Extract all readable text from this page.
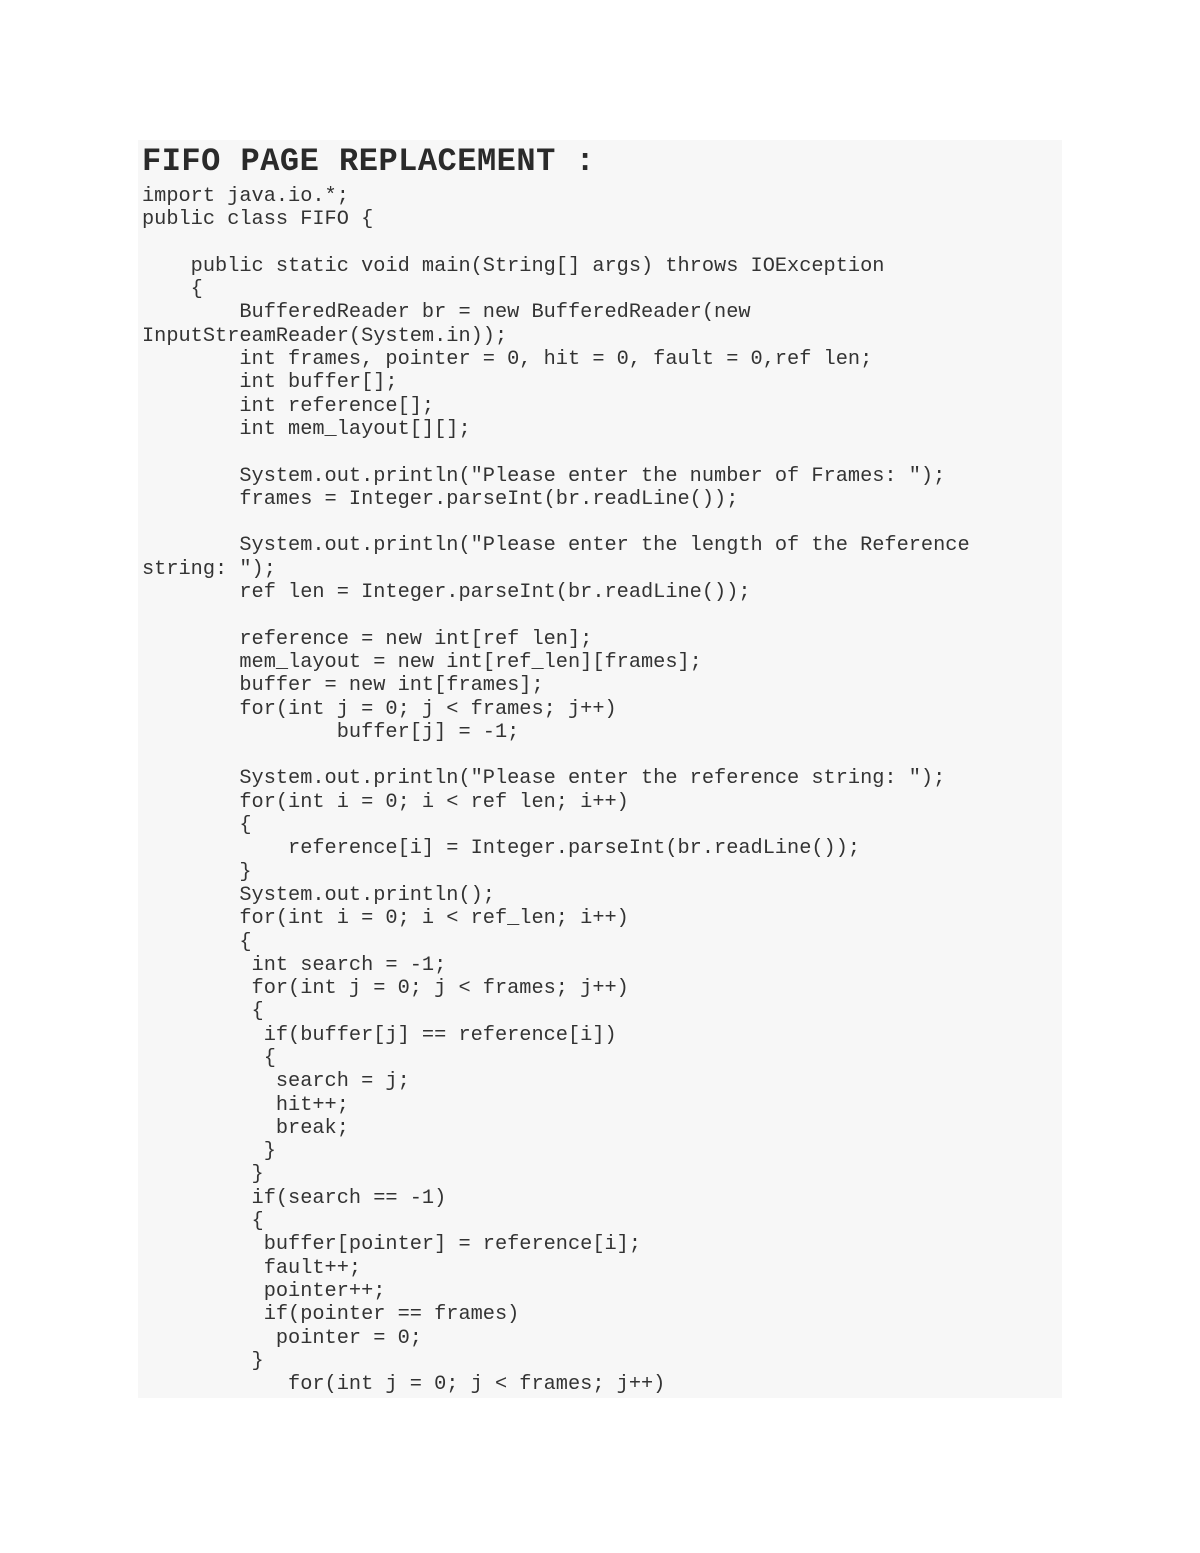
FIFO PAGE REPLACEMENT :
import java.io.*;
public class FIFO {
public static void main(String[] args) throws IOException
{
BufferedReader br = new BufferedReader(new
InputStreamReader(System.in));
int frames, pointer = 0, hit = 0, fault = 0,ref len;
int buffer[];
int reference[];
int mem_layout[][];
System.out.println("Please enter the number of Frames: ");
frames = Integer.parseInt(br.readLine());
System.out.println("Please enter the length of the Reference
string: ");
ref len = Integer.parseInt(br.readLine());
reference = new int[ref len];
mem_layout = new int[ref_len][frames];
buffer = new int[frames];
for(int j = 0; j < frames; j++)
buffer[j] = -1;
System.out.println("Please enter the reference string: ");
for(int i = 0; i < ref len; i++)
{
reference[i] = Integer.parseInt(br.readLine());
}
System.out.println();
for(int i = 0; i < ref_len; i++)
{
int search = -1;
for(int j = 0; j < frames; j++)
{
if(buffer[j] == reference[i])
{
search = j;
hit++;
break;
}
}
if(search == -1)
{
buffer[pointer] = reference[i];
fault++;
pointer++;
if(pointer == frames)
pointer = 0;
}
for(int j = 0; j < frames; j++)
